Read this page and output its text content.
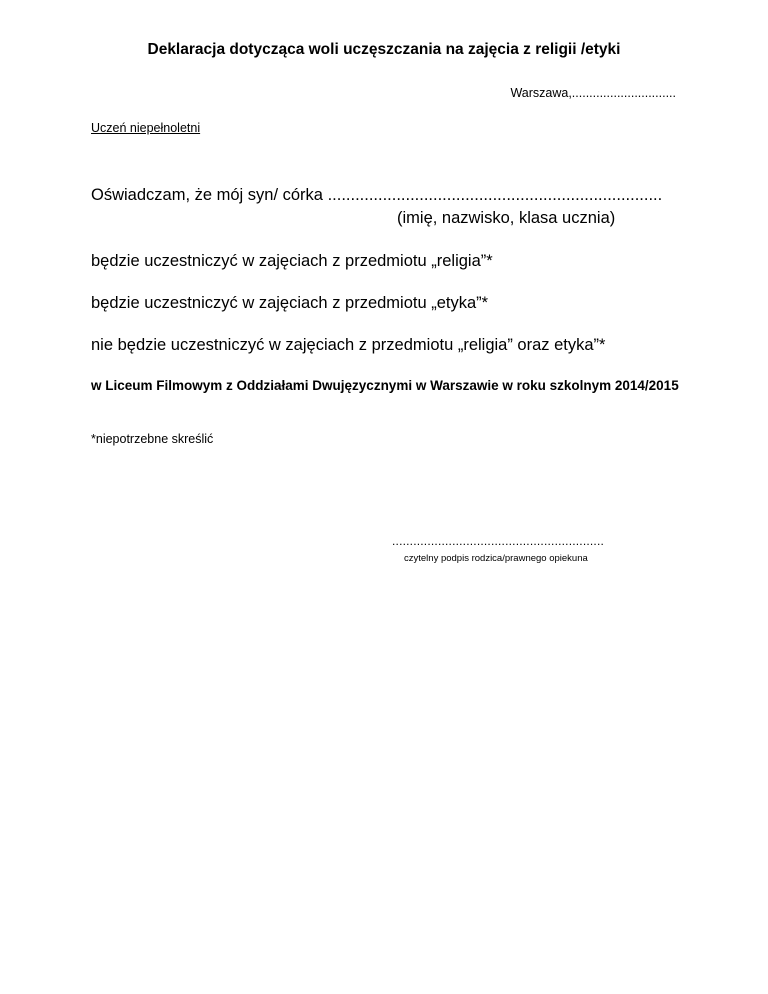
Deklaracja dotycząca woli uczęszczania na zajęcia z religii /etyki
Warszawa,..............................
Uczeń niepełnoletni
Oświadczam, że mój syn/ córka .........................................................................
(imię, nazwisko, klasa ucznia)
będzie uczestniczyć w zajęciach z przedmiotu „religia”*
będzie uczestniczyć w zajęciach z przedmiotu „etyka”*
nie będzie uczestniczyć w zajęciach z przedmiotu „religia” oraz etyka”*
w Liceum Filmowym z Oddziałami Dwujęzycznymi w Warszawie w roku szkolnym 2014/2015
*niepotrzebne skreślić
............................................................
czytelny podpis rodzica/prawnego opiekuna
